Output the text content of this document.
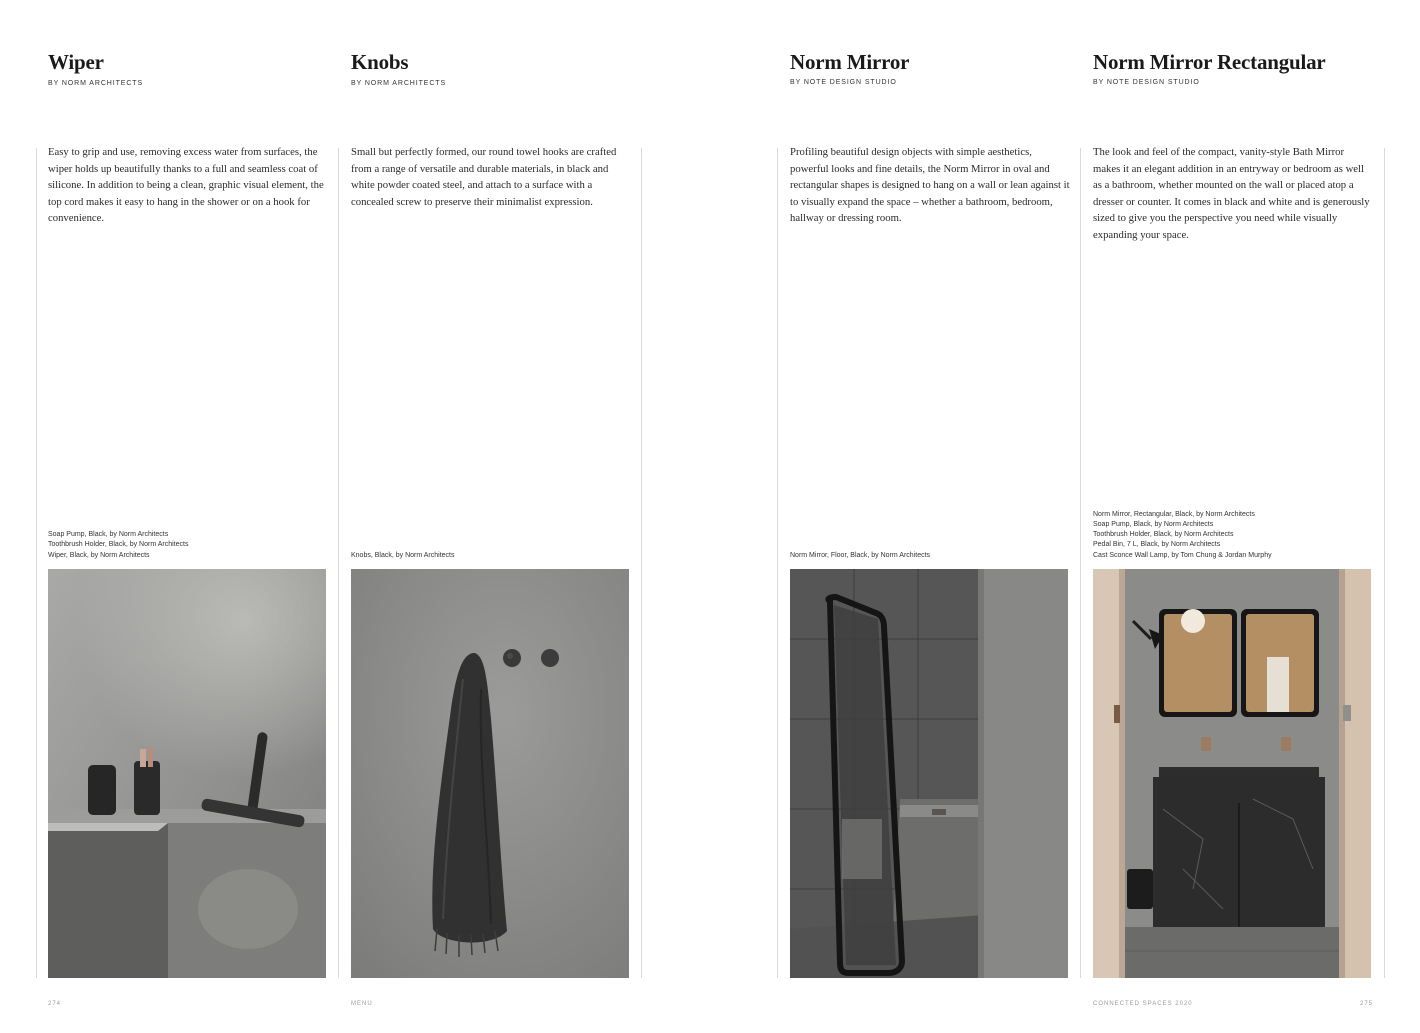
Wiper
BY NORM ARCHITECTS

Easy to grip and use, removing excess water from surfaces, the wiper holds up beautifully thanks to a full and seamless coat of silicone. In addition to being a clean, graphic visual element, the top cord makes it easy to hang in the shower or on a hook for convenience.

Soap Pump, Black, by Norm Architects
Toothbrush Holder, Black, by Norm Architects
Wiper, Black, by Norm Architects
Knobs
BY NORM ARCHITECTS

Small but perfectly formed, our round towel hooks are crafted from a range of versatile and durable materials, in black and white powder coated steel, and attach to a surface with a concealed screw to preserve their minimalist expression.

Knobs, Black, by Norm Architects
274	MENU
Norm Mirror
BY NOTE DESIGN STUDIO

Profiling beautiful design objects with simple aesthetics, powerful looks and fine details, the Norm Mirror in oval and rectangular shapes is designed to hang on a wall or lean against it to visually expand the space – whether a bathroom, bedroom, hallway or dressing room.

Norm Mirror, Floor, Black, by Norm Architects
Norm Mirror Rectangular
BY NOTE DESIGN STUDIO

The look and feel of the compact, vanity-style Bath Mirror makes it an elegant addition in an entryway or bedroom as well as a bathroom, whether mounted on the wall or placed atop a dresser or counter. It comes in black and white and is generously sized to give you the perspective you need while visually expanding your space.

Norm Mirror, Rectangular, Black, by Norm Architects
Soap Pump, Black, by Norm Architects
Toothbrush Holder, Black, by Norm Architects
Pedal Bin, 7 L, Black, by Norm Architects
Cast Sconce Wall Lamp, by Tom Chung & Jordan Murphy
CONNECTED SPACES 2020	275
